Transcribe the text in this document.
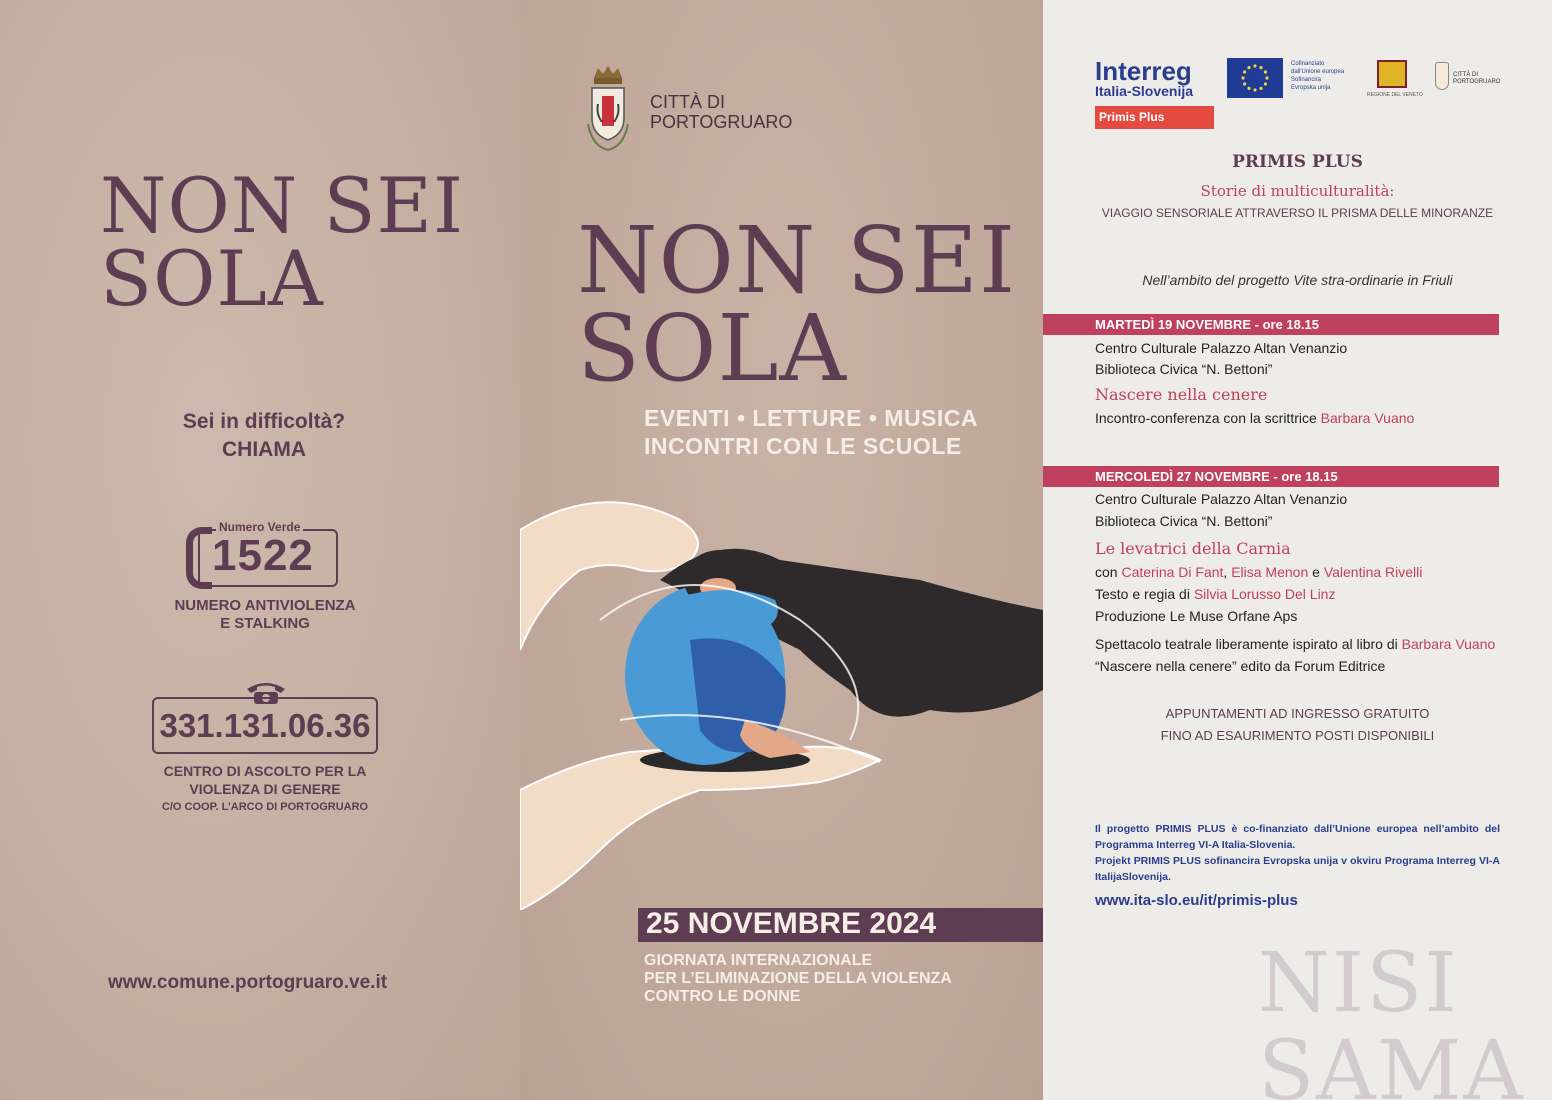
NON SEI
SOLA
Sei in difficoltà?
CHIAMA
Numero Verde
1522
NUMERO ANTIVIOLENZA
E STALKING
331.131.06.36
CENTRO DI ASCOLTO PER LA
VIOLENZA DI GENERE
C/O COOP. L’ARCO DI PORTOGRUARO
www.comune.portogruaro.ve.it
CITTÀ DI
PORTOGRUARO
NON SEI
SOLA
EVENTI • LETTURE • MUSICA
INCONTRI CON LE SCUOLE
25 NOVEMBRE 2024
GIORNATA INTERNAZIONALE
PER L’ELIMINAZIONE DELLA VIOLENZA
CONTRO LE DONNE
Interreg
Italia-Slovenija
Primis Plus
Cofinanziato
dall'Unione europea
Sofinancira
Evropska unija
REGIONE DEL VENETO
CITTÀ DI
PORTOGRUARO
PRIMIS PLUS
Storie di multiculturalità:
VIAGGIO SENSORIALE ATTRAVERSO IL PRISMA DELLE MINORANZE
Nell’ambito del progetto Vite stra-ordinarie in Friuli
MARTEDÌ 19 NOVEMBRE - ore 18.15
Centro Culturale Palazzo Altan Venanzio
Biblioteca Civica “N. Bettoni”
Nascere nella cenere
Incontro-conferenza con la scrittrice Barbara Vuano
MERCOLEDÌ 27 NOVEMBRE - ore 18.15
Centro Culturale Palazzo Altan Venanzio
Biblioteca Civica “N. Bettoni”
Le levatrici della Carnia
con Caterina Di Fant, Elisa Menon e Valentina Rivelli
Testo e regia di Silvia Lorusso Del Linz
Produzione Le Muse Orfane Aps
Spettacolo teatrale liberamente ispirato al libro di Barbara Vuano
“Nascere nella cenere” edito da Forum Editrice
APPUNTAMENTI AD INGRESSO GRATUITO
FINO AD ESAURIMENTO POSTI DISPONIBILI
Il progetto PRIMIS PLUS è co-finanziato dall’Unione europea nell’ambito del Programma Interreg VI-A Italia-Slovenia.
Projekt PRIMIS PLUS sofinancira Evropska unija v okviru Programa Interreg VI-A ItalijaSlovenija.
www.ita-slo.eu/it/primis-plus
NISI
SAMA
